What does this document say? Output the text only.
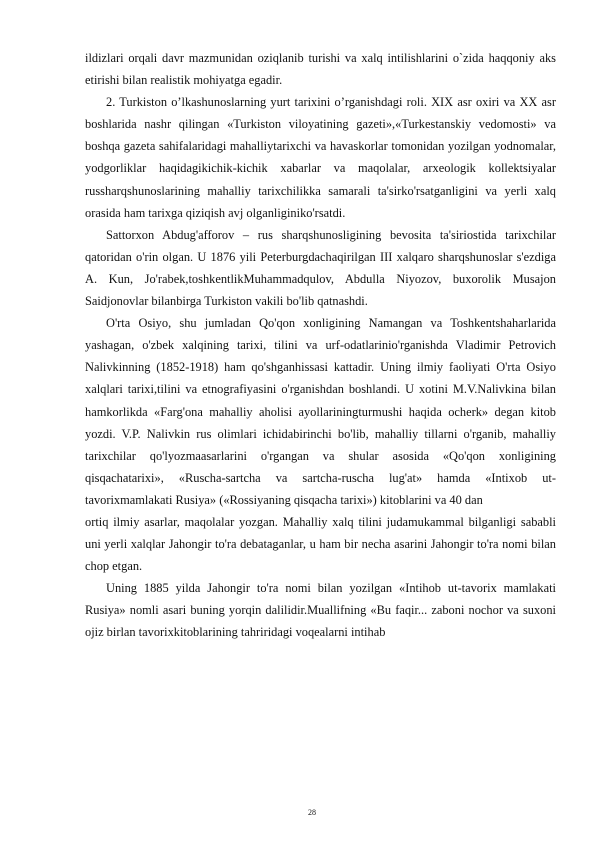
ildizlari orqali davr mazmunidan oziqlanib turishi va xalq intilishlarini o`zida haqqoniy aks etirishi bilan realistik mohiyatga egadir.

2. Turkiston o’lkashunoslarning yurt tarixini o’rganishdagi roli. XIX asr oxiri va XX asr boshlarida nashr qilingan «Turkiston viloyatining gazeti»,«Turkestanskiy vedomosti» va boshqa gazeta sahifalaridagi mahalliytarixchi va havaskorlar tomonidan yozilgan yodnomalar, yodgorliklar haqidagikichik-kichik xabarlar va maqolalar, arxeologik kollektsiyalar russharqshunoslarining mahalliy tarixchilikka samarali ta'sirko'rsatganligini va yerli xalq orasida ham tarixga qiziqish avj olganliginiko'rsatdi.

Sattorxon Abdug'afforov – rus sharqshunosligining bevosita ta'siriostida tarixchilar qatoridan o'rin olgan. U 1876 yili Peterburgdachaqirilgan III xalqaro sharqshunoslar s'ezdiga A. Kun, Jo'rabek,toshkentlikMuhammadqulov, Abdulla Niyozov, buxorolik Musajon Saidjonovlar bilanbirga Turkiston vakili bo'lib qatnashdi.

O'rta Osiyo, shu jumladan Qo'qon xonligining Namangan va Toshkentshaharlarida yashagan, o'zbek xalqining tarixi, tilini va urf-odatlarinio'rganishda Vladimir Petrovich Nalivkinning (1852-1918) ham qo'shganhissasi kattadir. Uning ilmiy faoliyati O'rta Osiyo xalqlari tarixi,tilini va etnografiyasini o'rganishdan boshlandi. U xotini M.V.Nalivkina bilan hamkorlikda «Farg'ona mahalliy aholisi ayollariningturmushi haqida ocherk» degan kitob yozdi. V.P. Nalivkin rus olimlari ichidabirinchi bo'lib, mahalliy tillarni o'rganib, mahalliy tarixchilar qo'lyozmaasarlarini o'rgangan va shular asosida «Qo'qon xonligining qisqachatarixi», «Ruscha-sartcha va sartcha-ruscha lug'at» hamda «Intixob ut-tavorixmamlakati Rusiya» («Rossiyaning qisqacha tarixi») kitoblarini va 40 dan

ortiq ilmiy asarlar, maqolalar yozgan. Mahalliy xalq tilini judamukammal bilganligi sababli uni yerli xalqlar Jahongir to'ra debataganlar, u ham bir necha asarini Jahongir to'ra nomi bilan chop etgan.

Uning 1885 yilda Jahongir to'ra nomi bilan yozilgan «Intihob ut-tavorix mamlakati Rusiya» nomli asari buning yorqin dalilidir.Muallifning «Bu faqir... zaboni nochor va suxoni ojiz birlan tavorixkitoblarining tahriridagi voqealarni intihab

28
